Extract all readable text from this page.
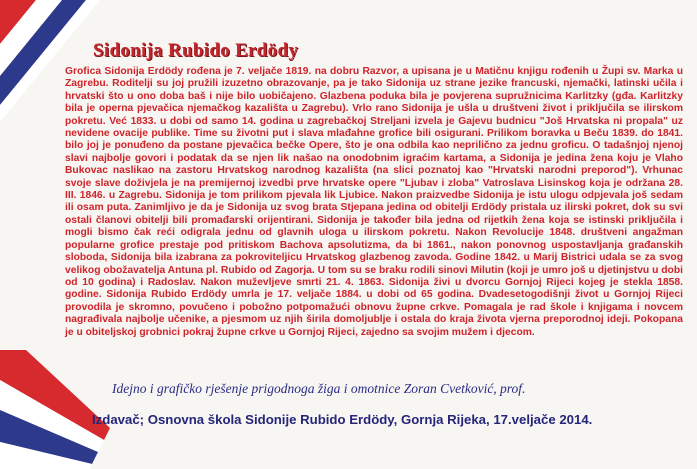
Sidonija Rubido Erdödy

Grofica Sidonija Erdödy rođena je 7. veljače 1819. na dobru Razvor, a upisana je u Matičnu knjigu rođenih u Župi sv. Marka u Zagrebu. Roditelji su joj pružili izuzetno obrazovanje, pa je tako Sidonija uz strane jezike francuski, njemački, latinski učila i hrvatski što u ono doba baš i nije bilo uobičajeno. Glazbena poduka bila je povjerena supružnicima Karlitzky (gđa. Karlitzky bila je operna pjevačica njemačkog kazališta u Zagrebu). Vrlo rano Sidonija je ušla u društveni život i priključila se ilirskom pokretu. Već 1833. u dobi od samo 14. godina u zagrebačkoj Streljani izvela je Gajevu budnicu "Još Hrvatska ni propala" uz nevidene ovacije publike. Time su životni put i slava mlađahne grofice bili osigurani. Prilikom boravka u Beču 1839. do 1841. bilo joj je ponuđeno da postane pjevačica bečke Opere, što je ona odbila kao nepriličnо za jednu groficu. O tadašnjoj njenoj slavi najbolje govori i podatak da se njen lik našao na onodobnim igraćim kartama, a Sidonija je jedina žena koju je Vlaho Bukovac naslikao na zastoru Hrvatskog narodnog kazališta (na slici poznatoj kao "Hrvatski narodni preporod"). Vrhunac svoje slave doživjela je na premijernoj izvedbi prve hrvatske opere "Ljubav i zloba" Vatroslava Lisinskog koja je održana 28. III. 1846. u Zagrebu. Sidonija je tom prilikom pjevala lik Ljubice. Nakon praizvedbe Sidonija je istu ulogu odpjevala još sedam ili osam puta. Zanimljivo je da je Sidonija uz svog brata Stjepana jedina od obitelji Erdödy pristala uz ilirski pokret, dok su svi ostali članovi obitelji bili promađarski orijentirani. Sidonija je također bila jedna od rijetkih žena koja se istinski priključila i mogli bismo čak reći odigrala jednu od glavnih uloga u ilirskom pokretu. Nakon Revolucije 1848. društveni angažman popularne grofice prestaje pod pritiskom Bachova apsolutizma, da bi 1861., nakon ponovnog uspostavljanja građanskih sloboda, Sidonija bila izabrana za pokroviteljicu Hrvatskog glazbenog zavoda. Godine 1842. u Marij Bistrici udala se za svog velikog obožavatelja Antuna pl. Rubido od Zagorja. U tom su se braku rodili sinovi Milutin (koji je umro još u djetinjstvu u dobi od 10 godina) i Radoslav. Nakon muževljeve smrti 21. 4. 1863. Sidonija živi u dvorcu Gornjoj Rijeci kojeg je stekla 1858. godine. Sidonija Rubido Erdödy umrla je 17. veljače 1884. u dobi od 65 godina. Dvadesetogodišnji život u Gornjoj Rijeci provodila je skromno, povučeno i pobožno potpomažući obnovu župne crkve. Pomagala je rad škole i knjigama i novcem nagrađivala najbolje učenike, a pjesmom uz njih širila domoljublje i ostala do kraja života vjerna preporodnoj ideji. Pokopana je u obiteljskoj grobnici pokraj župne crkve u Gornjoj Rijeci, zajedno sa svojim mužem i djecom.

Idejno i grafičko rješenje prigodnoga žiga i omotnice Zoran Cvetković, prof.

Izdavač; Osnovna škola Sidonije Rubido Erdödy, Gornja Rijeka, 17.veljače 2014.
